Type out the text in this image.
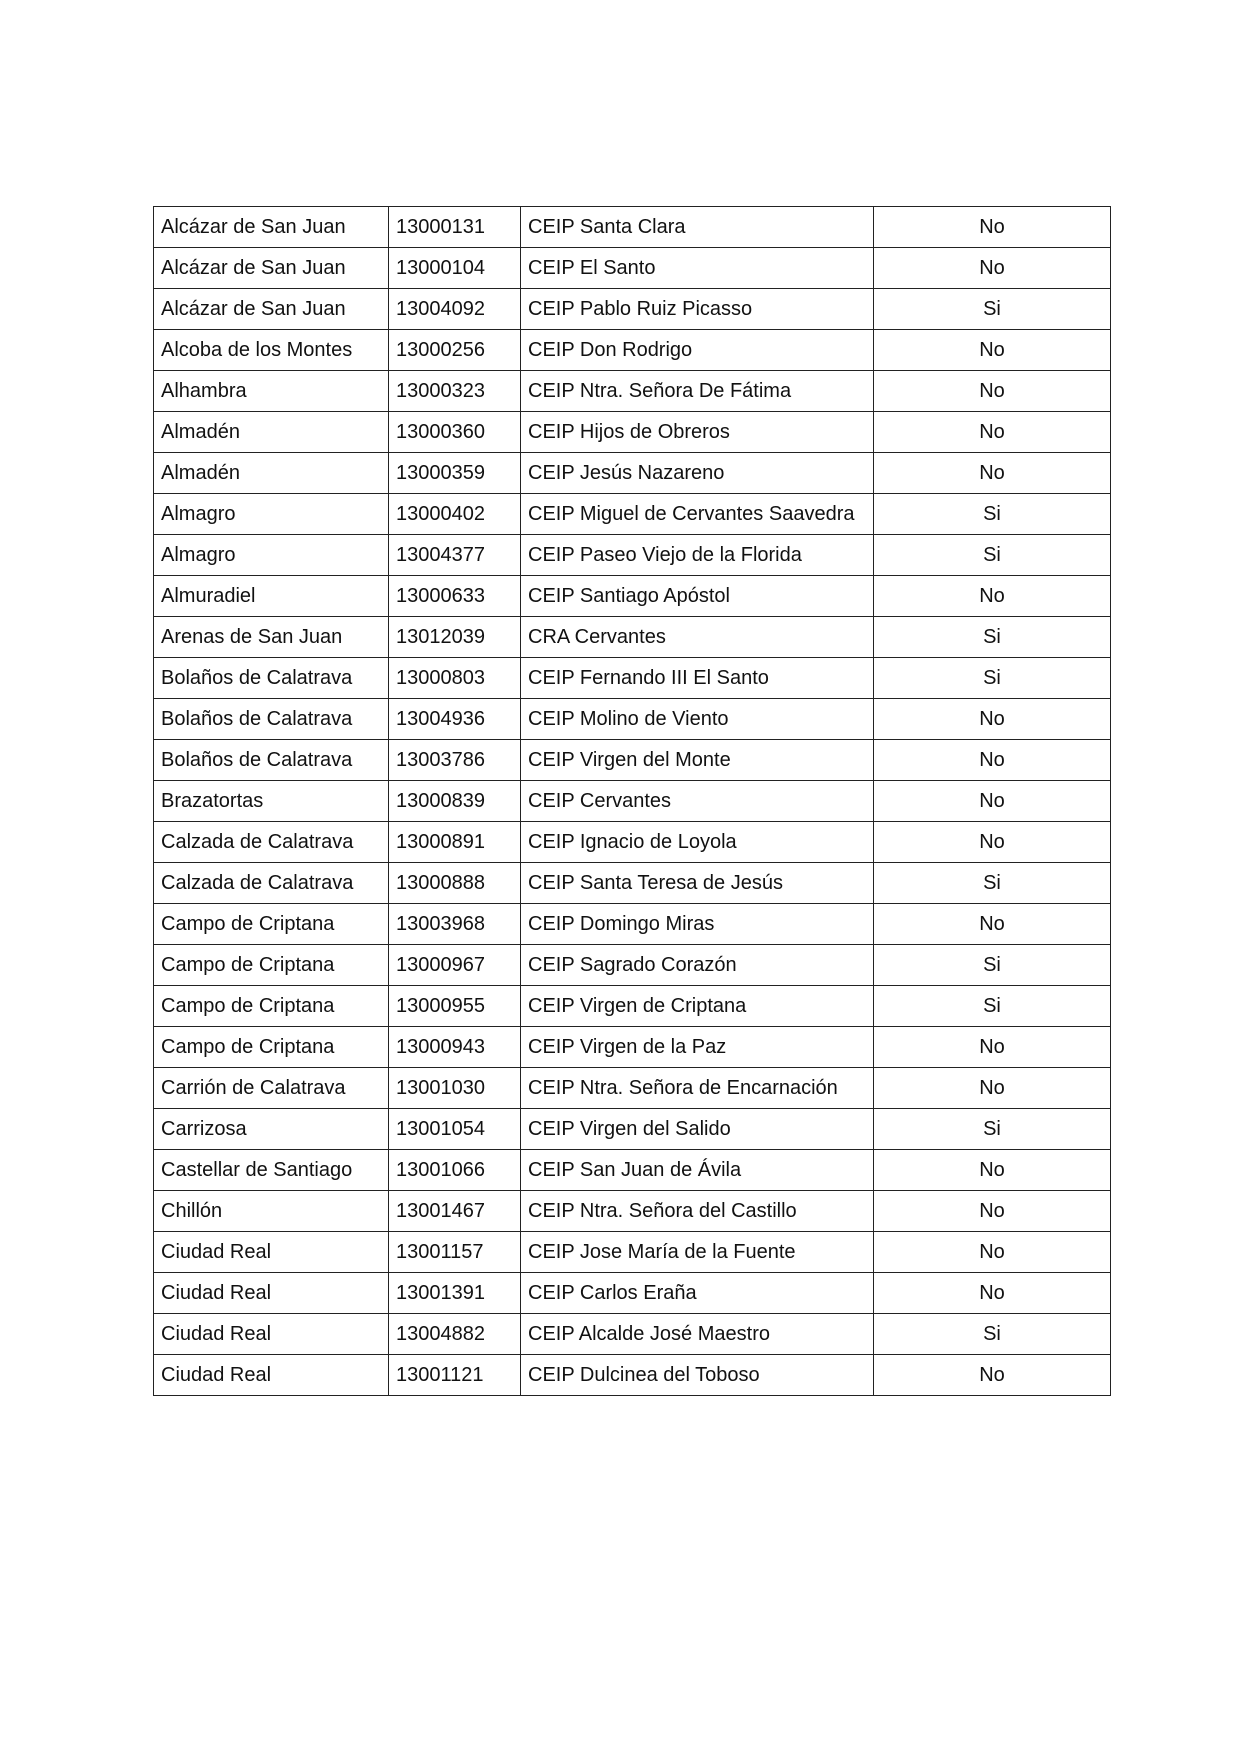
Alcázar de San Juan	13000131	CEIP Santa Clara	No
Alcázar de San Juan	13000104	CEIP El Santo	No
Alcázar de San Juan	13004092	CEIP Pablo Ruiz Picasso	Si
Alcoba de los Montes	13000256	CEIP Don Rodrigo	No
Alhambra	13000323	CEIP Ntra. Señora De Fátima	No
Almadén	13000360	CEIP Hijos de Obreros	No
Almadén	13000359	CEIP Jesús Nazareno	No
Almagro	13000402	CEIP Miguel de Cervantes Saavedra	Si
Almagro	13004377	CEIP Paseo Viejo de la Florida	Si
Almuradiel	13000633	CEIP Santiago Apóstol	No
Arenas de San Juan	13012039	CRA Cervantes	Si
Bolaños de Calatrava	13000803	CEIP Fernando III El Santo	Si
Bolaños de Calatrava	13004936	CEIP Molino de Viento	No
Bolaños de Calatrava	13003786	CEIP Virgen del Monte	No
Brazatortas	13000839	CEIP Cervantes	No
Calzada de Calatrava	13000891	CEIP Ignacio de Loyola	No
Calzada de Calatrava	13000888	CEIP Santa Teresa de Jesús	Si
Campo de Criptana	13003968	CEIP Domingo Miras	No
Campo de Criptana	13000967	CEIP Sagrado Corazón	Si
Campo de Criptana	13000955	CEIP Virgen de Criptana	Si
Campo de Criptana	13000943	CEIP Virgen de la Paz	No
Carrión de Calatrava	13001030	CEIP Ntra. Señora de Encarnación	No
Carrizosa	13001054	CEIP Virgen del Salido	Si
Castellar de Santiago	13001066	CEIP San Juan de Ávila	No
Chillón	13001467	CEIP Ntra. Señora del Castillo	No
Ciudad Real	13001157	CEIP Jose María de la Fuente	No
Ciudad Real	13001391	CEIP Carlos Eraña	No
Ciudad Real	13004882	CEIP Alcalde José Maestro	Si
Ciudad Real	13001121	CEIP Dulcinea del Toboso	No
